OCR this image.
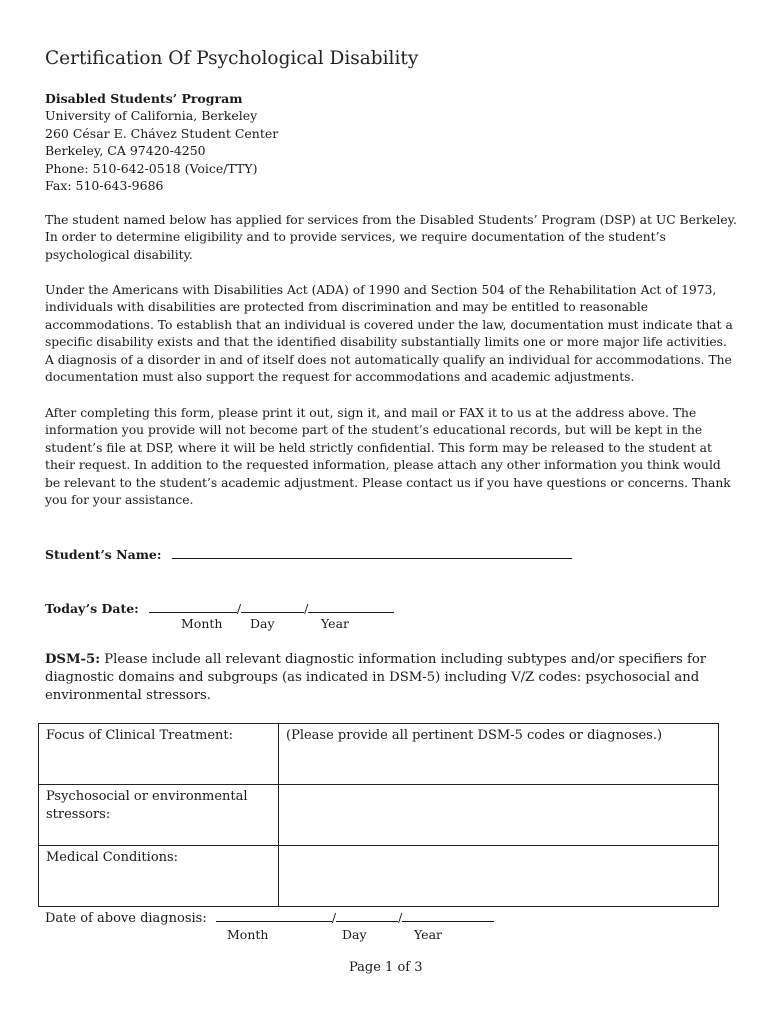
Certification Of Psychological Disability
Disabled Students’ Program
University of California, Berkeley
260 César E. Chávez Student Center
Berkeley, CA 97420-4250
Phone: 510-642-0518 (Voice/TTY)
Fax: 510-643-9686
The student named below has applied for services from the Disabled Students’ Program (DSP) at UC Berkeley.
In order to determine eligibility and to provide services, we require documentation of the student’s
psychological disability.
Under the Americans with Disabilities Act (ADA) of 1990 and Section 504 of the Rehabilitation Act of 1973,
individuals with disabilities are protected from discrimination and may be entitled to reasonable
accommodations. To establish that an individual is covered under the law, documentation must indicate that a
specific disability exists and that the identified disability substantially limits one or more major life activities.
A diagnosis of a disorder in and of itself does not automatically qualify an individual for accommodations. The
documentation must also support the request for accommodations and academic adjustments.
After completing this form, please print it out, sign it, and mail or FAX it to us at the address above. The
information you provide will not become part of the student’s educational records, but will be kept in the
student’s file at DSP, where it will be held strictly confidential. This form may be released to the student at
their request. In addition to the requested information, please attach any other information you think would
be relevant to the student’s academic adjustment. Please contact us if you have questions or concerns. Thank
you for your assistance.
Student’s Name:
Today’s Date:	/	/
Month Day	Year
DSM-5: Please include all relevant diagnostic information including subtypes and/or specifiers for
diagnostic domains and subgroups (as indicated in DSM-5) including V/Z codes: psychosocial and
environmental stressors.
Focus of Clinical Treatment:	(Please provide all pertinent DSM-5 codes or diagnoses.)

Psychosocial or environmental
stressors:	

Medical Conditions:	
Date of above diagnosis:	/	/
Month	Day	Year
Page 1 of 3
